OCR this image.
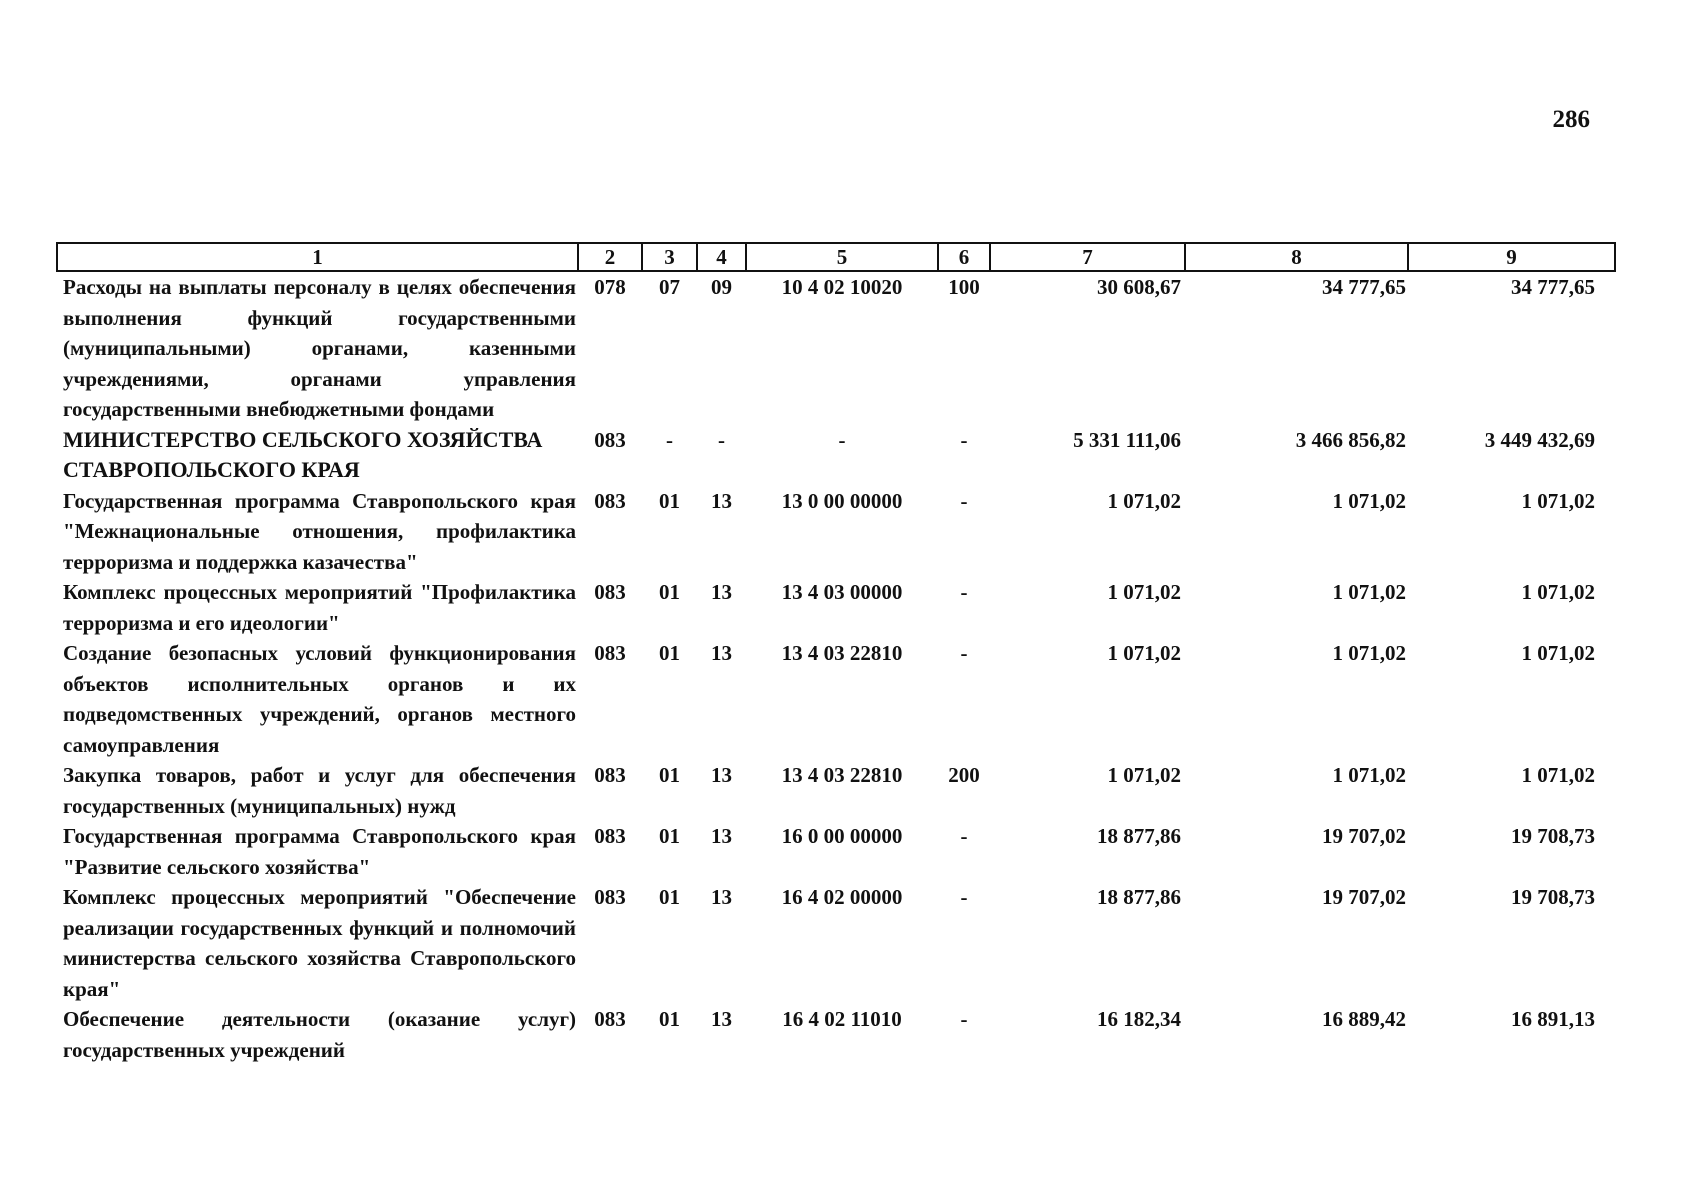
286
1	2	3	4	5	6	7	8	9
Расходы на выплаты персоналу в целях обеспечения выполнения функций государственными (муниципальными) органами, казенными учреждениями, органами управления государственными внебюджетными фондами	078	07	09	10 4 02 10020	100	30 608,67	34 777,65	34 777,65
МИНИСТЕРСТВО СЕЛЬСКОГО ХОЗЯЙСТВА СТАВРОПОЛЬСКОГО КРАЯ	083	-	-	-	-	5 331 111,06	3 466 856,82	3 449 432,69
Государственная программа Ставропольского края "Межнациональные отношения, профилактика терроризма и поддержка казачества"	083	01	13	13 0 00 00000	-	1 071,02	1 071,02	1 071,02
Комплекс процессных мероприятий "Профилактика терроризма и его идеологии"	083	01	13	13 4 03 00000	-	1 071,02	1 071,02	1 071,02
Создание безопасных условий функционирования объектов исполнительных органов и их подведомственных учреждений, органов местного самоуправления	083	01	13	13 4 03 22810	-	1 071,02	1 071,02	1 071,02
Закупка товаров, работ и услуг для обеспечения государственных (муниципальных) нужд	083	01	13	13 4 03 22810	200	1 071,02	1 071,02	1 071,02
Государственная программа Ставропольского края "Развитие сельского хозяйства"	083	01	13	16 0 00 00000	-	18 877,86	19 707,02	19 708,73
Комплекс процессных мероприятий "Обеспечение реализации государственных функций и полномочий министерства сельского хозяйства Ставропольского края"	083	01	13	16 4 02 00000	-	18 877,86	19 707,02	19 708,73
Обеспечение деятельности (оказание услуг) государственных учреждений	083	01	13	16 4 02 11010	-	16 182,34	16 889,42	16 891,13
